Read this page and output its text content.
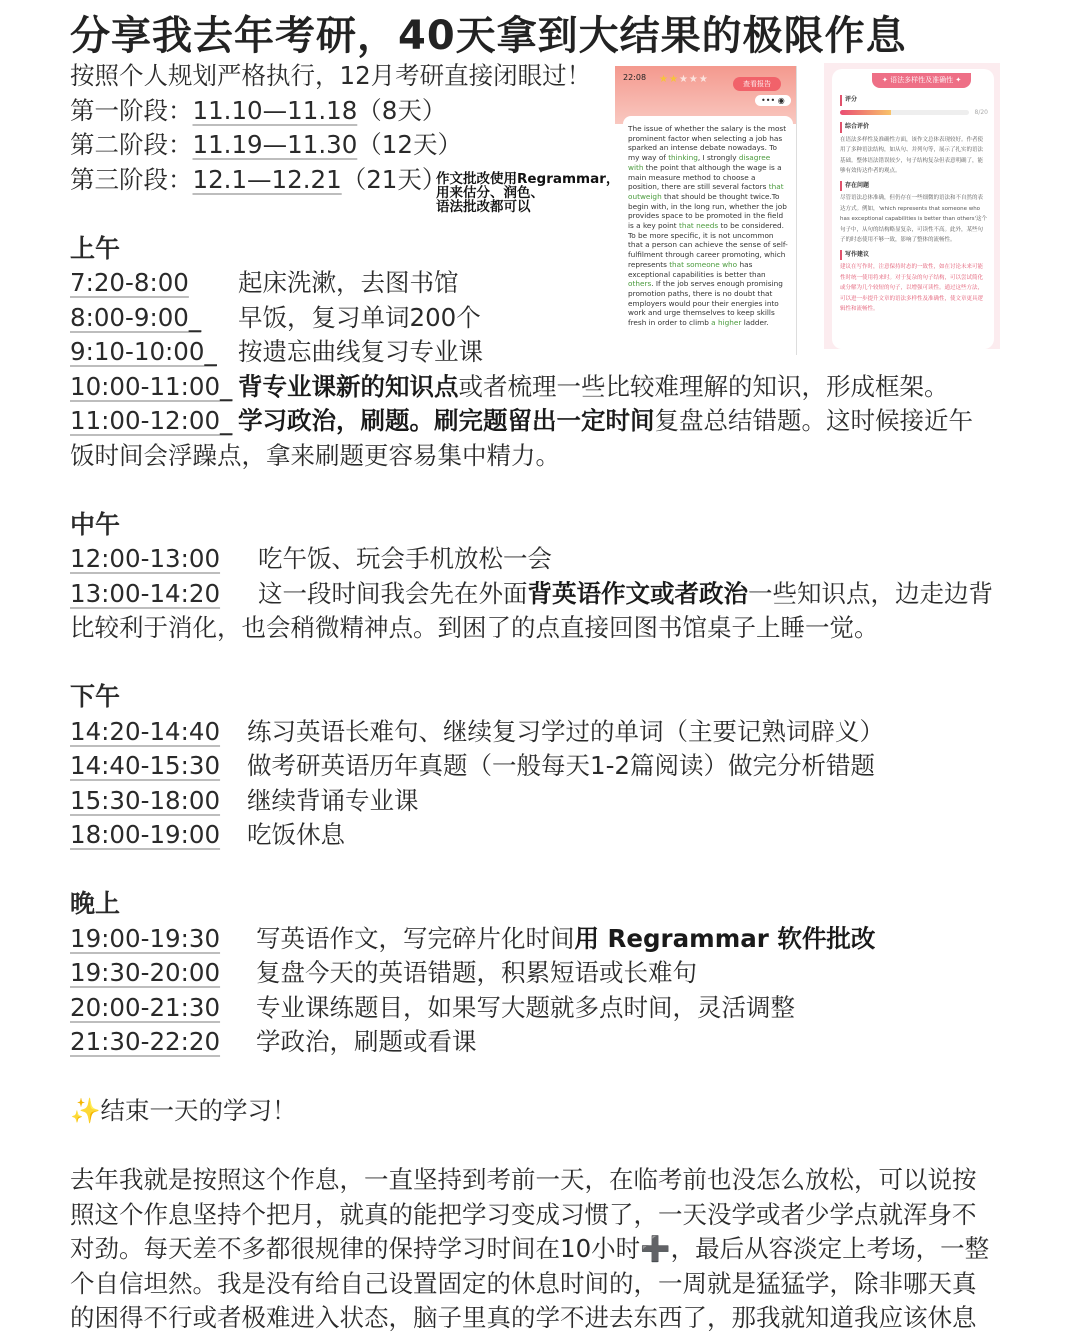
分享我去年考研，40天拿到大结果的极限作息
按照个人规划严格执行，12月考研直接闭眼过！
第一阶段：11.10—11.18（8天）
第二阶段：11.19—11.30（12天）
第三阶段：12.1—12.21（21天）
上午
7:20-8:00 起床洗漱，去图书馆
8:00-9:00_ 早饭，复习单词200个
9:10-10:00_ 按遗忘曲线复习专业课
10:00-11:00_ 背专业课新的知识点或者梳理一些比较难理解的知识，形成框架。
11:00-12:00_ 学习政治，刷题。刷完题留出一定时间复盘总结错题。这时候接近午
饭时间会浮躁点，拿来刷题更容易集中精力。
中午
12:00-13:00 吃午饭、玩会手机放松一会
13:00-14:20 这一段时间我会先在外面背英语作文或者政治一些知识点，边走边背
比较利于消化，也会稍微精神点。到困了的点直接回图书馆桌子上睡一觉。
下午
14:20-14:40 练习英语长难句、继续复习学过的单词（主要记熟词辟义）
14:40-15:30 做考研英语历年真题（一般每天1-2篇阅读）做完分析错题
15:30-18:00 继续背诵专业课
18:00-19:00 吃饭休息
晚上
19:00-19:30 写英语作文，写完碎片化时间用 Regrammar 软件批改
19:30-20:00 复盘今天的英语错题，积累短语或长难句
20:00-21:30 专业课练题目，如果写大题就多点时间，灵活调整
21:30-22:20 学政治，刷题或看课
✨结束一天的学习！
去年我就是按照这个作息，一直坚持到考前一天，在临考前也没怎么放松，可以说按
照这个作息坚持个把月，就真的能把学习变成习惯了，一天没学或者少学点就浑身不
对劲。每天差不多都很规律的保持学习时间在10小时➕，最后从容淡定上考场，一整
个自信坦然。我是没有给自己设置固定的休息时间的，一周就是猛猛学，除非哪天真
的困得不行或者极难进入状态，脑子里真的学不进去东西了，那我就知道我应该休息
作文批改使用Regrammar，
用来估分、润色、
语法批改都可以
22:08 ★★★★★	查看报告
••• ◉
The issue of whether the salary is the most prominent factor when selecting a job has sparked an intense debate nowadays. To my way of thinking, I strongly disagree with the point that although the wage is a main measure method to choose a position, there are still several factors that outweigh that should be thought twice.To begin with, in the long run, whether the job provides space to be promoted in the field is a key point that needs to be considered. To be more specific, it is not uncommon that a person can achieve the sense of self-fulfilment through career promoting, which represents that someone who has exceptional capabilities is better than others. If the job serves enough promising promotion paths, there is no doubt that employers would pour their energies into work and urge themselves to keep skills fresh in order to climb a higher ladder.
✦ 语法多样性及准确性 ✦
评分
8/20
综合评价
在语法多样性及准确性方面，该作文总体表现较好。作者使用了多种语法结构，如从句、并列句等，展示了扎实的语法基础。整体语法错误较少，句子结构复杂但表意明确了，能够有效传达作者的观点。
存在问题
尽管语法总体准确，但仍存在一些细微的语法和不自然的表达方式。例如，'which represents that someone who has exceptional capabilities is better than others'这个句子中，从句的结构略显复杂，可读性不高。此外，某些句子的时态使用不够一致，影响了整体的流畅性。
写作建议
建议在写作时，注意保持时态的一致性，如在讨论未来可能性时统一使用将来时。对于复杂的句子结构，可以尝试简化或分解为几个较短的句子，以增强可读性。通过这些方法，可以进一步提升文章的语法多样性及准确性，使文章更具逻辑性和流畅性。
